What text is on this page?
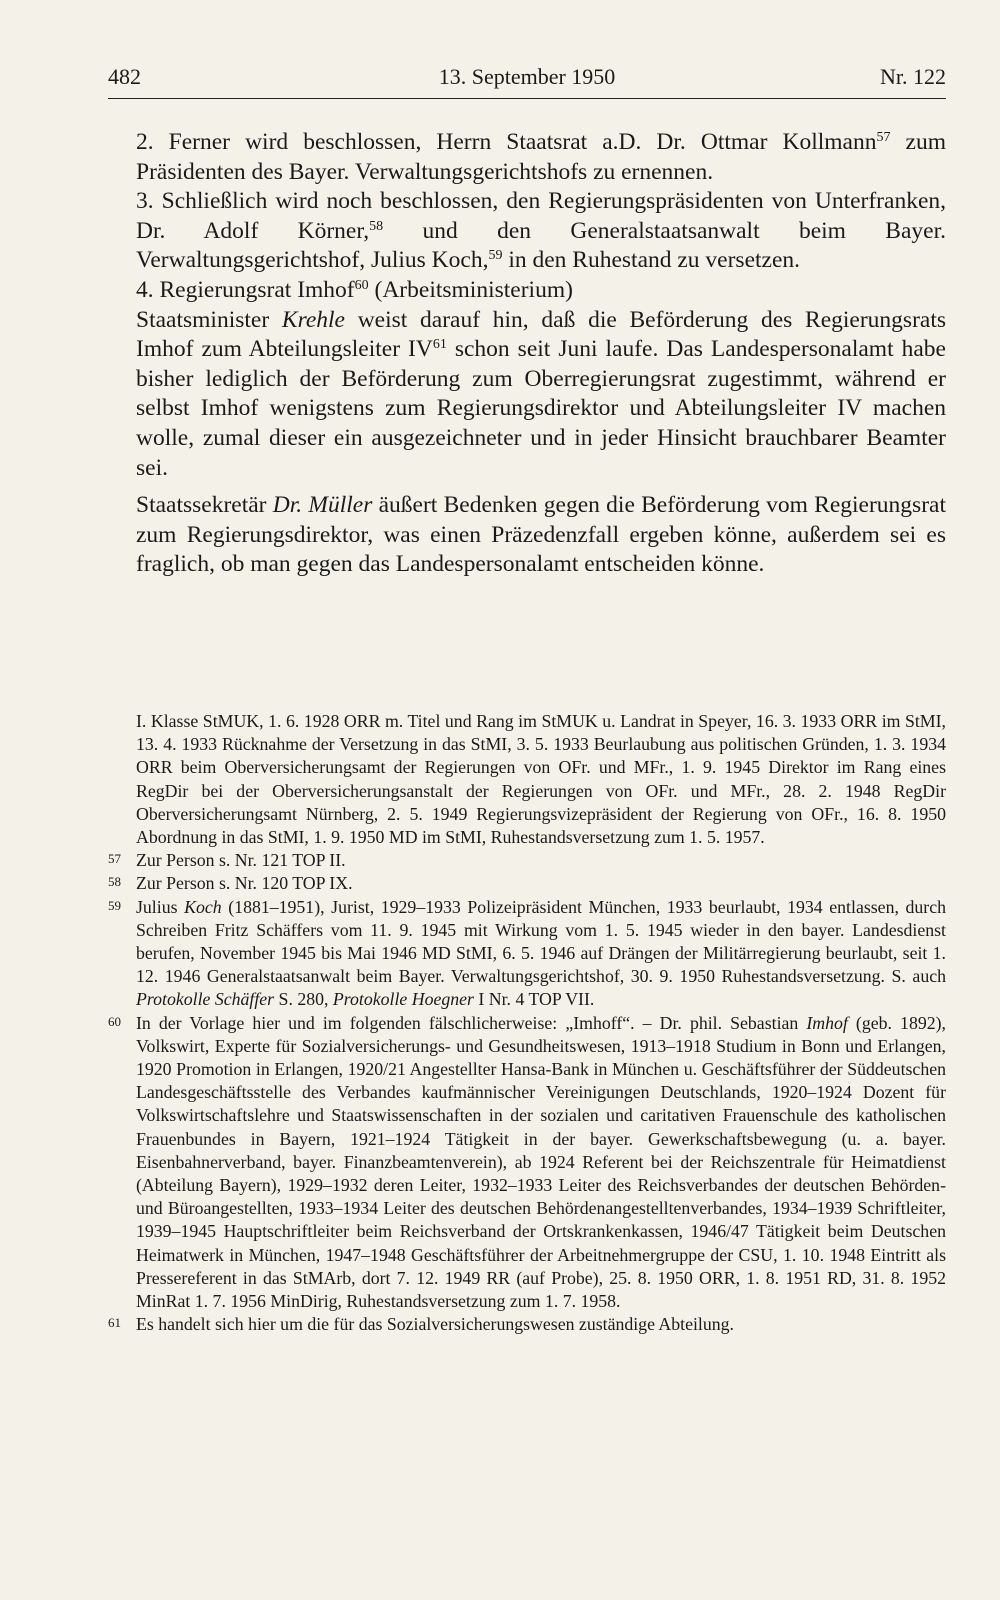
482	13. September 1950	Nr. 122

2. Ferner wird beschlossen, Herrn Staatsrat a.D. Dr. Ottmar Kollmann$^{57}$ zum Präsidenten des Bayer. Verwaltungsgerichtshofs zu ernennen.

3. Schließlich wird noch beschlossen, den Regierungspräsidenten von Unterfranken, Dr. Adolf Körner,$^{58}$ und den Generalstaatsanwalt beim Bayer. Verwaltungsgerichtshof, Julius Koch,$^{59}$ in den Ruhestand zu versetzen.

4. Regierungsrat Imhof$^{60}$ (Arbeitsministerium)

Staatsminister Krehle weist darauf hin, daß die Beförderung des Regierungsrats Imhof zum Abteilungsleiter IV$^{61}$ schon seit Juni laufe. Das Landespersonalamt habe bisher lediglich der Beförderung zum Oberregierungsrat zugestimmt, während er selbst Imhof wenigstens zum Regierungsdirektor und Abteilungsleiter IV machen wolle, zumal dieser ein ausgezeichneter und in jeder Hinsicht brauchbarer Beamter sei.

Staatssekretär Dr. Müller äußert Bedenken gegen die Beförderung vom Regierungsrat zum Regierungsdirektor, was einen Präzedenzfall ergeben könne, außerdem sei es fraglich, ob man gegen das Landespersonalamt entscheiden könne.

I. Klasse StMUK, 1. 6. 1928 ORR m. Titel und Rang im StMUK u. Landrat in Speyer, 16. 3. 1933 ORR im StMI, 13. 4. 1933 Rücknahme der Versetzung in das StMI, 3. 5. 1933 Beurlaubung aus politischen Gründen, 1. 3. 1934 ORR beim Oberversicherungsamt der Regierungen von OFr. und MFr., 1. 9. 1945 Direktor im Rang eines RegDir bei der Oberversicherungsanstalt der Regierungen von OFr. und MFr., 28. 2. 1948 RegDir Oberversicherungsamt Nürnberg, 2. 5. 1949 Regierungsvizepräsident der Regierung von OFr., 16. 8. 1950 Abordnung in das StMI, 1. 9. 1950 MD im StMI, Ruhestandsversetzung zum 1. 5. 1957.
57 Zur Person s. Nr. 121 TOP II.
58 Zur Person s. Nr. 120 TOP IX.
59 Julius Koch (1881–1951), Jurist, 1929–1933 Polizeipräsident München, 1933 beurlaubt, 1934 entlassen, durch Schreiben Fritz Schäffers vom 11. 9. 1945 mit Wirkung vom 1. 5. 1945 wieder in den bayer. Landesdienst berufen, November 1945 bis Mai 1946 MD StMI, 6. 5. 1946 auf Drängen der Militärregierung beurlaubt, seit 1. 12. 1946 Generalstaatsanwalt beim Bayer. Verwaltungsgerichtshof, 30. 9. 1950 Ruhestandsversetzung. S. auch Protokolle Schäffer S. 280, Protokolle Hoegner I Nr. 4 TOP VII.
60 In der Vorlage hier und im folgenden fälschlicherweise: „Imhoff“. – Dr. phil. Sebastian Imhof (geb. 1892), Volkswirt, Experte für Sozialversicherungs- und Gesundheitswesen, 1913–1918 Studium in Bonn und Erlangen, 1920 Promotion in Erlangen, 1920/21 Angestellter Hansa-Bank in München u. Geschäftsführer der Süddeutschen Landesgeschäftsstelle des Verbandes kaufmännischer Vereinigungen Deutschlands, 1920–1924 Dozent für Volkswirtschaftslehre und Staatswissenschaften in der sozialen und caritativen Frauenschule des katholischen Frauenbundes in Bayern, 1921–1924 Tätigkeit in der bayer. Gewerkschaftsbewegung (u. a. bayer. Eisenbahnerverband, bayer. Finanzbeamtenverein), ab 1924 Referent bei der Reichszentrale für Heimatdienst (Abteilung Bayern), 1929–1932 deren Leiter, 1932–1933 Leiter des Reichsverbandes der deutschen Behörden- und Büroangestellten, 1933–1934 Leiter des deutschen Behördenangestelltenverbandes, 1934–1939 Schriftleiter, 1939–1945 Hauptschriftleiter beim Reichsverband der Ortskrankenkassen, 1946/47 Tätigkeit beim Deutschen Heimatwerk in München, 1947–1948 Geschäftsführer der Arbeitnehmergruppe der CSU, 1. 10. 1948 Eintritt als Pressereferent in das StMArb, dort 7. 12. 1949 RR (auf Probe), 25. 8. 1950 ORR, 1. 8. 1951 RD, 31. 8. 1952 MinRat 1. 7. 1956 MinDirig, Ruhestandsversetzung zum 1. 7. 1958.
61 Es handelt sich hier um die für das Sozialversicherungswesen zuständige Abteilung.
